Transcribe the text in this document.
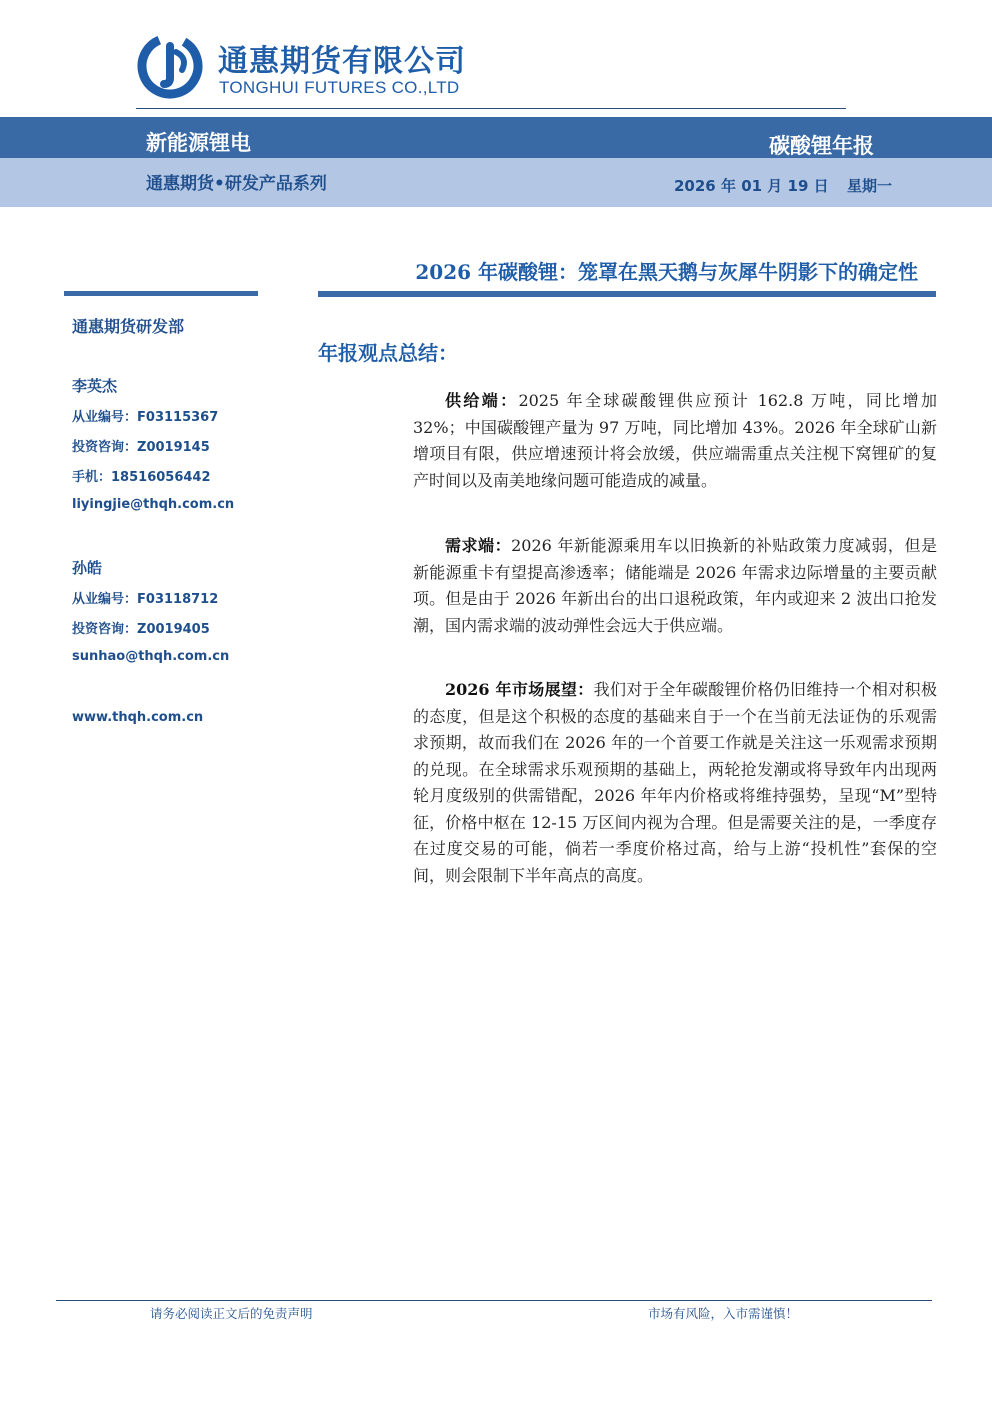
通惠期货有限公司
TONGHUI FUTURES CO.,LTD
新能源锂电	碳酸锂年报
通惠期货•研发产品系列	2026 年 01 月 19 日 星期一
2026 年碳酸锂：笼罩在黑天鹅与灰犀牛阴影下的确定性
通惠期货研发部
李英杰
从业编号：F03115367
投资咨询：Z0019145
手机：18516056442
liyingjie@thqh.com.cn
孙皓
从业编号：F03118712
投资咨询：Z0019405
sunhao@thqh.com.cn
www.thqh.com.cn
年报观点总结：
供给端：2025 年全球碳酸锂供应预计 162.8 万吨，同比增加 32%；中国碳酸锂产量为 97 万吨，同比增加 43%。2026 年全球矿山新增项目有限，供应增速预计将会放缓，供应端需重点关注枧下窝锂矿的复产时间以及南美地缘问题可能造成的减量。
需求端：2026 年新能源乘用车以旧换新的补贴政策力度减弱，但是新能源重卡有望提高渗透率；储能端是 2026 年需求边际增量的主要贡献项。但是由于 2026 年新出台的出口退税政策，年内或迎来 2 波出口抢发潮，国内需求端的波动弹性会远大于供应端。
2026 年市场展望：我们对于全年碳酸锂价格仍旧维持一个相对积极的态度，但是这个积极的态度的基础来自于一个在当前无法证伪的乐观需求预期，故而我们在 2026 年的一个首要工作就是关注这一乐观需求预期的兑现。在全球需求乐观预期的基础上，两轮抢发潮或将导致年内出现两轮月度级别的供需错配，2026 年年内价格或将维持强势，呈现“M”型特征，价格中枢在 12-15 万区间内视为合理。但是需要关注的是，一季度存在过度交易的可能，倘若一季度价格过高，给与上游“投机性”套保的空间，则会限制下半年高点的高度。
请务必阅读正文后的免责声明	市场有风险，入市需谨慎！
